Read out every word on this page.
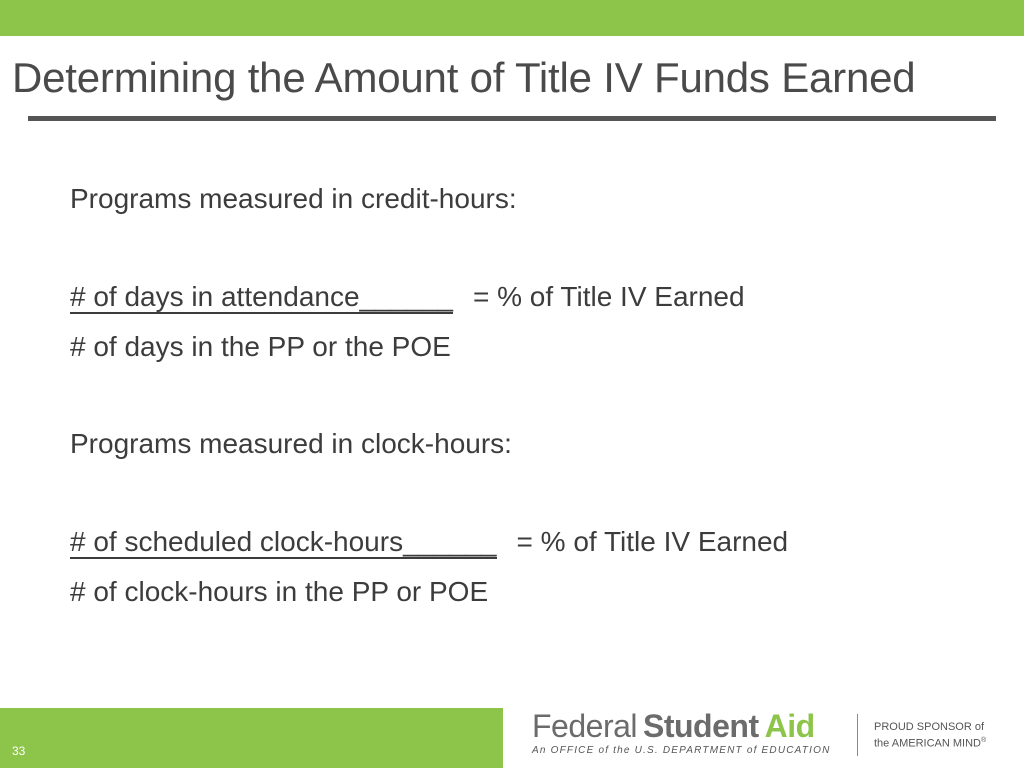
Determining the Amount of Title IV Funds Earned
Programs measured in credit-hours:
# of days in attendance______ = % of Title IV Earned
# of days in the PP or the POE
Programs measured in clock-hours:
# of scheduled clock-hours______ = % of Title IV Earned
# of clock-hours in the PP or POE
33
Federal Student Aid
An OFFICE of the U.S. DEPARTMENT of EDUCATION
PROUD SPONSOR of
the AMERICAN MIND®
